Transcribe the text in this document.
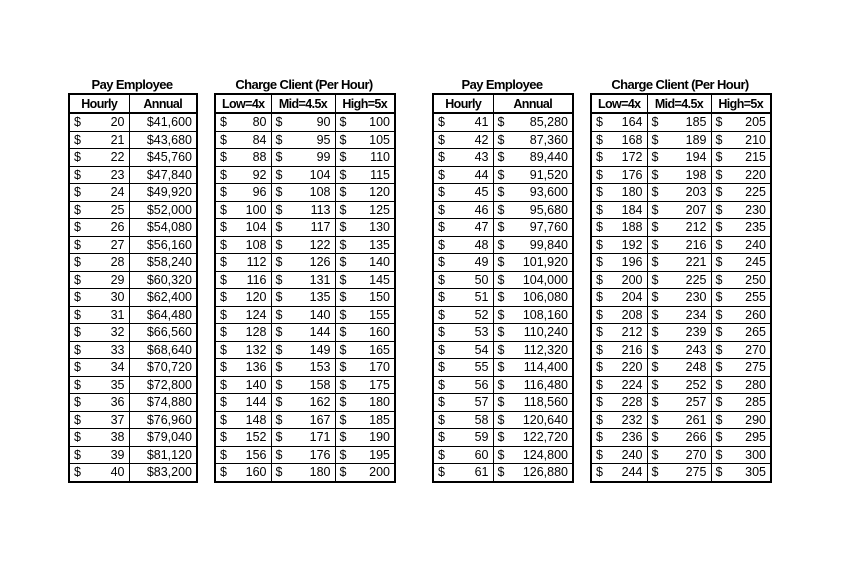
Pay Employee
Hourly	Annual

$ 20	$41,600

$ 21	$43,680

$ 22	$45,760

$ 23	$47,840

$ 24	$49,920

$ 25	$52,000

$ 26	$54,080

$ 27	$56,160

$ 28	$58,240

$ 29	$60,320

$ 30	$62,400

$ 31	$64,480

$ 32	$66,560

$ 33	$68,640

$ 34	$70,720

$ 35	$72,800

$ 36	$74,880

$ 37	$76,960

$ 38	$79,040

$ 39	$81,120

$ 40	$83,200
Charge Client (Per Hour)
Low=4x	Mid=4.5x	High=5x

$ 80	$ 90	$ 100

$ 84	$ 95	$ 105

$ 88	$ 99	$ 110

$ 92	$ 104	$ 115

$ 96	$ 108	$ 120

$ 100	$ 113	$ 125

$ 104	$ 117	$ 130

$ 108	$ 122	$ 135

$ 112	$ 126	$ 140

$ 116	$ 131	$ 145

$ 120	$ 135	$ 150

$ 124	$ 140	$ 155

$ 128	$ 144	$ 160

$ 132	$ 149	$ 165

$ 136	$ 153	$ 170

$ 140	$ 158	$ 175

$ 144	$ 162	$ 180

$ 148	$ 167	$ 185

$ 152	$ 171	$ 190

$ 156	$ 176	$ 195

$ 160	$ 180	$ 200
Pay Employee
Hourly	Annual

$ 41	$ 85,280

$ 42	$ 87,360

$ 43	$ 89,440

$ 44	$ 91,520

$ 45	$ 93,600

$ 46	$ 95,680

$ 47	$ 97,760

$ 48	$ 99,840

$ 49	$ 101,920

$ 50	$ 104,000

$ 51	$ 106,080

$ 52	$ 108,160

$ 53	$ 110,240

$ 54	$ 112,320

$ 55	$ 114,400

$ 56	$ 116,480

$ 57	$ 118,560

$ 58	$ 120,640

$ 59	$ 122,720

$ 60	$ 124,800

$ 61	$ 126,880
Charge Client (Per Hour)
Low=4x	Mid=4.5x	High=5x

$ 164	$ 185	$ 205

$ 168	$ 189	$ 210

$ 172	$ 194	$ 215

$ 176	$ 198	$ 220

$ 180	$ 203	$ 225

$ 184	$ 207	$ 230

$ 188	$ 212	$ 235

$ 192	$ 216	$ 240

$ 196	$ 221	$ 245

$ 200	$ 225	$ 250

$ 204	$ 230	$ 255

$ 208	$ 234	$ 260

$ 212	$ 239	$ 265

$ 216	$ 243	$ 270

$ 220	$ 248	$ 275

$ 224	$ 252	$ 280

$ 228	$ 257	$ 285

$ 232	$ 261	$ 290

$ 236	$ 266	$ 295

$ 240	$ 270	$ 300

$ 244	$ 275	$ 305
